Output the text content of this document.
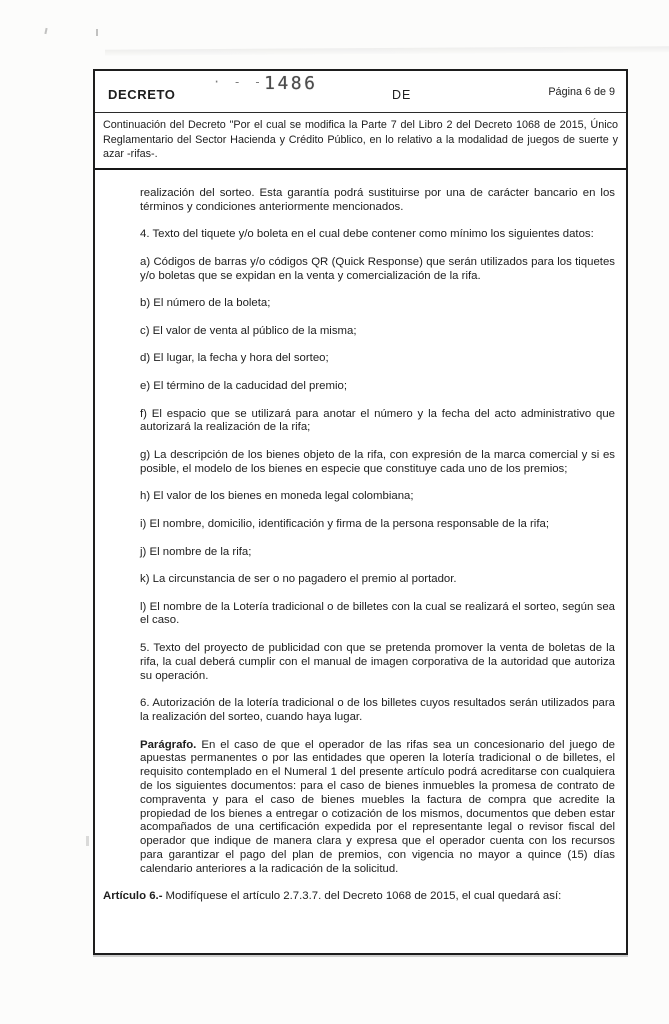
DECRETO
· - -1486
DE	Página 6 de 9
Continuación del Decreto "Por el cual se modifica la Parte 7 del Libro 2 del Decreto 1068 de 2015, Único Reglamentario del Sector Hacienda y Crédito Público, en lo relativo a la modalidad de juegos de suerte y azar -rifas-.

realización del sorteo. Esta garantía podrá sustituirse por una de carácter bancario en los términos y condiciones anteriormente mencionados.

4. Texto del tiquete y/o boleta en el cual debe contener como mínimo los siguientes datos:

a) Códigos de barras y/o códigos QR (Quick Response) que serán utilizados para los tiquetes y/o boletas que se expidan en la venta y comercialización de la rifa.

b) El número de la boleta;

c) El valor de venta al público de la misma;

d) El lugar, la fecha y hora del sorteo;

e) El término de la caducidad del premio;

f) El espacio que se utilizará para anotar el número y la fecha del acto administrativo que autorizará la realización de la rifa;

g) La descripción de los bienes objeto de la rifa, con expresión de la marca comercial y si es posible, el modelo de los bienes en especie que constituye cada uno de los premios;

h) El valor de los bienes en moneda legal colombiana;

i) El nombre, domicilio, identificación y firma de la persona responsable de la rifa;

j) El nombre de la rifa;

k) La circunstancia de ser o no pagadero el premio al portador.

l) El nombre de la Lotería tradicional o de billetes con la cual se realizará el sorteo, según sea el caso.

5. Texto del proyecto de publicidad con que se pretenda promover la venta de boletas de la rifa, la cual deberá cumplir con el manual de imagen corporativa de la autoridad que autoriza su operación.

6. Autorización de la lotería tradicional o de los billetes cuyos resultados serán utilizados para la realización del sorteo, cuando haya lugar.

Parágrafo. En el caso de que el operador de las rifas sea un concesionario del juego de apuestas permanentes o por las entidades que operen la lotería tradicional o de billetes, el requisito contemplado en el Numeral 1 del presente artículo podrá acreditarse con cualquiera de los siguientes documentos: para el caso de bienes inmuebles la promesa de contrato de compraventa y para el caso de bienes muebles la factura de compra que acredite la propiedad de los bienes a entregar o cotización de los mismos, documentos que deben estar acompañados de una certificación expedida por el representante legal o revisor fiscal del operador que indique de manera clara y expresa que el operador cuenta con los recursos para garantizar el pago del plan de premios, con vigencia no mayor a quince (15) días calendario anteriores a la radicación de la solicitud.

Artículo 6.- Modifíquese el artículo 2.7.3.7. del Decreto 1068 de 2015, el cual quedará así:
